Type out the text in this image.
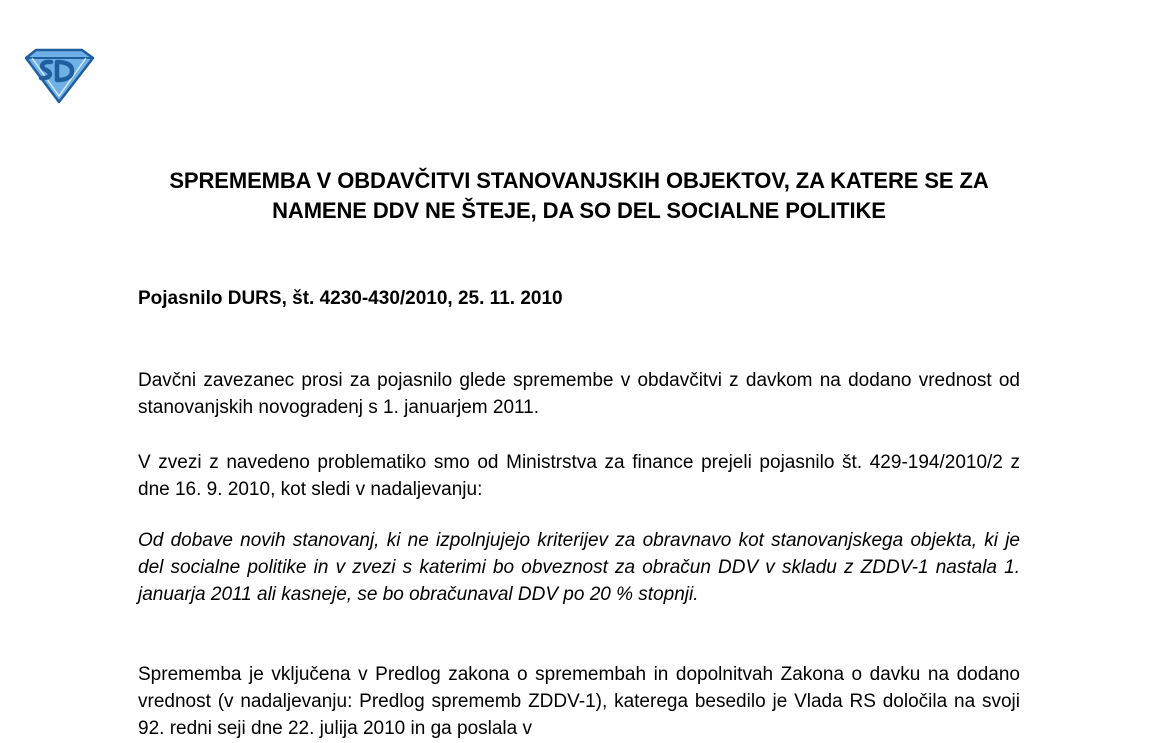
SPREMEMBA V OBDAVČITVI STANOVANJSKIH OBJEKTOV, ZA KATERE SE ZA NAMENE DDV NE ŠTEJE, DA SO DEL SOCIALNE POLITIKE

Pojasnilo DURS, št. 4230-430/2010, 25. 11. 2010

Davčni zavezanec prosi za pojasnilo glede spremembe v obdavčitvi z davkom na dodano vrednost od stanovanjskih novogradenj s 1. januarjem 2011.

V zvezi z navedeno problematiko smo od Ministrstva za finance prejeli pojasnilo št. 429-194/2010/2 z dne 16. 9. 2010, kot sledi v nadaljevanju:

Od dobave novih stanovanj, ki ne izpolnjujejo kriterijev za obravnavo kot stanovanjskega objekta, ki je del socialne politike in v zvezi s katerimi bo obveznost za obračun DDV v skladu z ZDDV-1 nastala 1. januarja 2011 ali kasneje, se bo obračunaval DDV po 20 % stopnji.

Sprememba je vključena v Predlog zakona o spremembah in dopolnitvah Zakona o davku na dodano vrednost (v nadaljevanju: Predlog sprememb ZDDV-1), katerega besedilo je Vlada RS določila na svoji 92. redni seji dne 22. julija 2010 in ga poslala v
